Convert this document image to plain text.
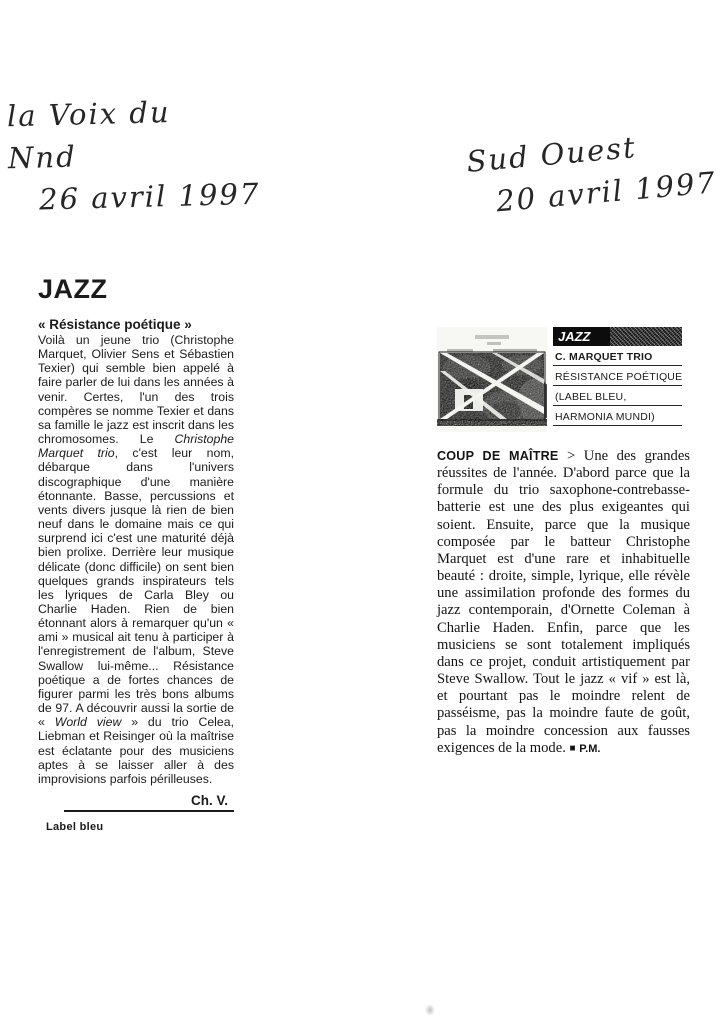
la Voix du
Nnd
26 avril 1997
Sud Ouest
20 avril 1997
JAZZ
« Résistance poétique »

Voilà un jeune trio (Christophe Marquet, Olivier Sens et Sébastien Texier) qui semble bien appelé à faire parler de lui dans les années à venir. Certes, l'un des trois compères se nomme Texier et dans sa famille le jazz est inscrit dans les chromosomes. Le Christophe Marquet trio, c'est leur nom, débarque dans l'univers discographique d'une manière étonnante. Basse, percussions et vents divers jusque là rien de bien neuf dans le domaine mais ce qui surprend ici c'est une maturité déjà bien prolixe. Derrière leur musique délicate (donc difficile) on sent bien quelques grands inspirateurs tels les lyriques de Carla Bley ou Charlie Haden. Rien de bien étonnant alors à remarquer qu'un « ami » musical ait tenu à participer à l'enregistrement de l'album, Steve Swallow lui-même... Résistance poétique a de fortes chances de figurer parmi les très bons albums de 97. A découvrir aussi la sortie de « World view » du trio Celea, Liebman et Reisinger où la maîtrise est éclatante pour des musiciens aptes à se laisser aller à des improvisions parfois périlleuses.

Ch. V.
Label bleu
JAZZ
C. MARQUET TRIO
RÉSISTANCE POÉTIQUE
(LABEL BLEU,
HARMONIA MUNDI)

COUP DE MAÎTRE > Une des grandes réussites de l'année. D'abord parce que la formule du trio saxophone-contrebasse-batterie est une des plus exigeantes qui soient. Ensuite, parce que la musique composée par le batteur Christophe Marquet est d'une rare et inhabituelle beauté : droite, simple, lyrique, elle révèle une assimilation profonde des formes du jazz contemporain, d'Ornette Coleman à Charlie Haden. Enfin, parce que les musiciens se sont totalement impliqués dans ce projet, conduit artistiquement par Steve Swallow. Tout le jazz « vif » est là, et pourtant pas le moindre relent de passéisme, pas la moindre faute de goût, pas la moindre concession aux fausses exigences de la mode. ■ P.M.
